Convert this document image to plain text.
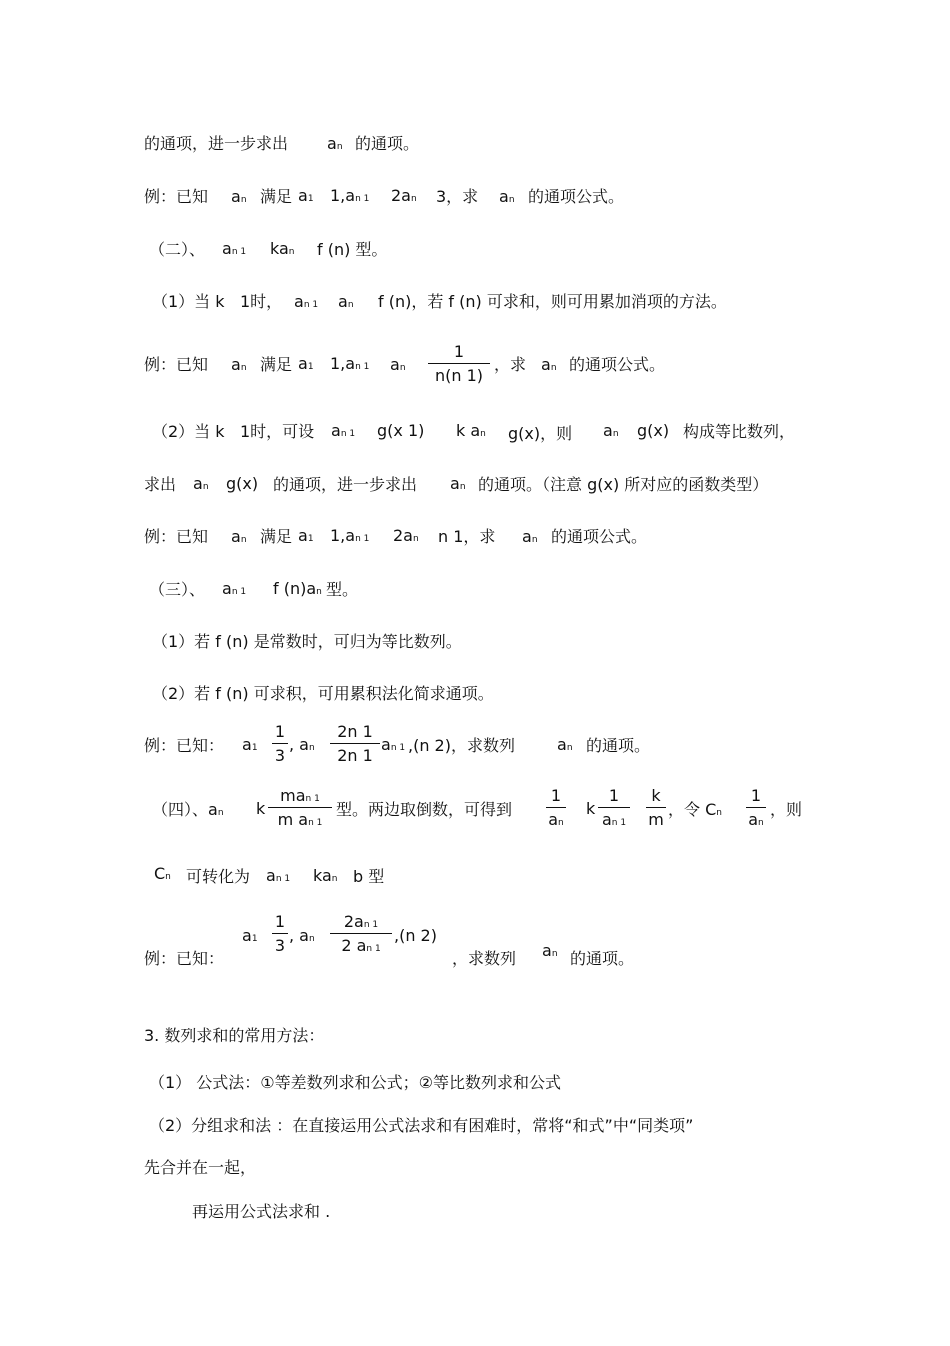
的通项，进一步求出 an 的通项。
例：已知 an 满足 a1 1,an 1 2an 3，求 an 的通项公式。
（二）、 an 1 kan f (n) 型。
（1）当 k 1时， an 1 an f (n)，若 f (n) 可求和，则可用累加消项的方法。
例：已知 an 满足 a1 1,an 1 an
1
n(n 1)
，求 an 的通项公式。
（2）当 k 1时，可设 an 1 g(x 1) k an g(x)，则 an g(x) 构成等比数列，
求出 an g(x) 的通项，进一步求出 an 的通项。（注意 g(x) 所对应的函数类型）
例：已知 an 满足 a1 1,an 1 2an n 1，求 an 的通项公式。
（三）、 an 1 f (n)an 型。
（1）若 f (n) 是常数时，可归为等比数列。
（2）若 f (n) 可求积，可用累积法化简求通项。
例：已知： a1
1
3
, an
2n 1
2n 1
an 1 ,(n 2)，求数列	an 的通项。
（四）、an k
man 1
m an 1
型。两边取倒数，可得到
1
an
k
1
an 1
k
m
，令 Cn
1
an
，则
Cn 可转化为 an 1 kan b 型
a1
1
3
, an
2an 1
2 an 1
,(n 2)
例：已知：	，求数列 an 的通项。
3. 数列求和的常用方法：
（1） 公式法：①等差数列求和公式；②等比数列求和公式
（2）分组求和法 ：在直接运用公式法求和有困难时，常将“和式”中“同类项”
先合并在一起，
再运用公式法求和 .
